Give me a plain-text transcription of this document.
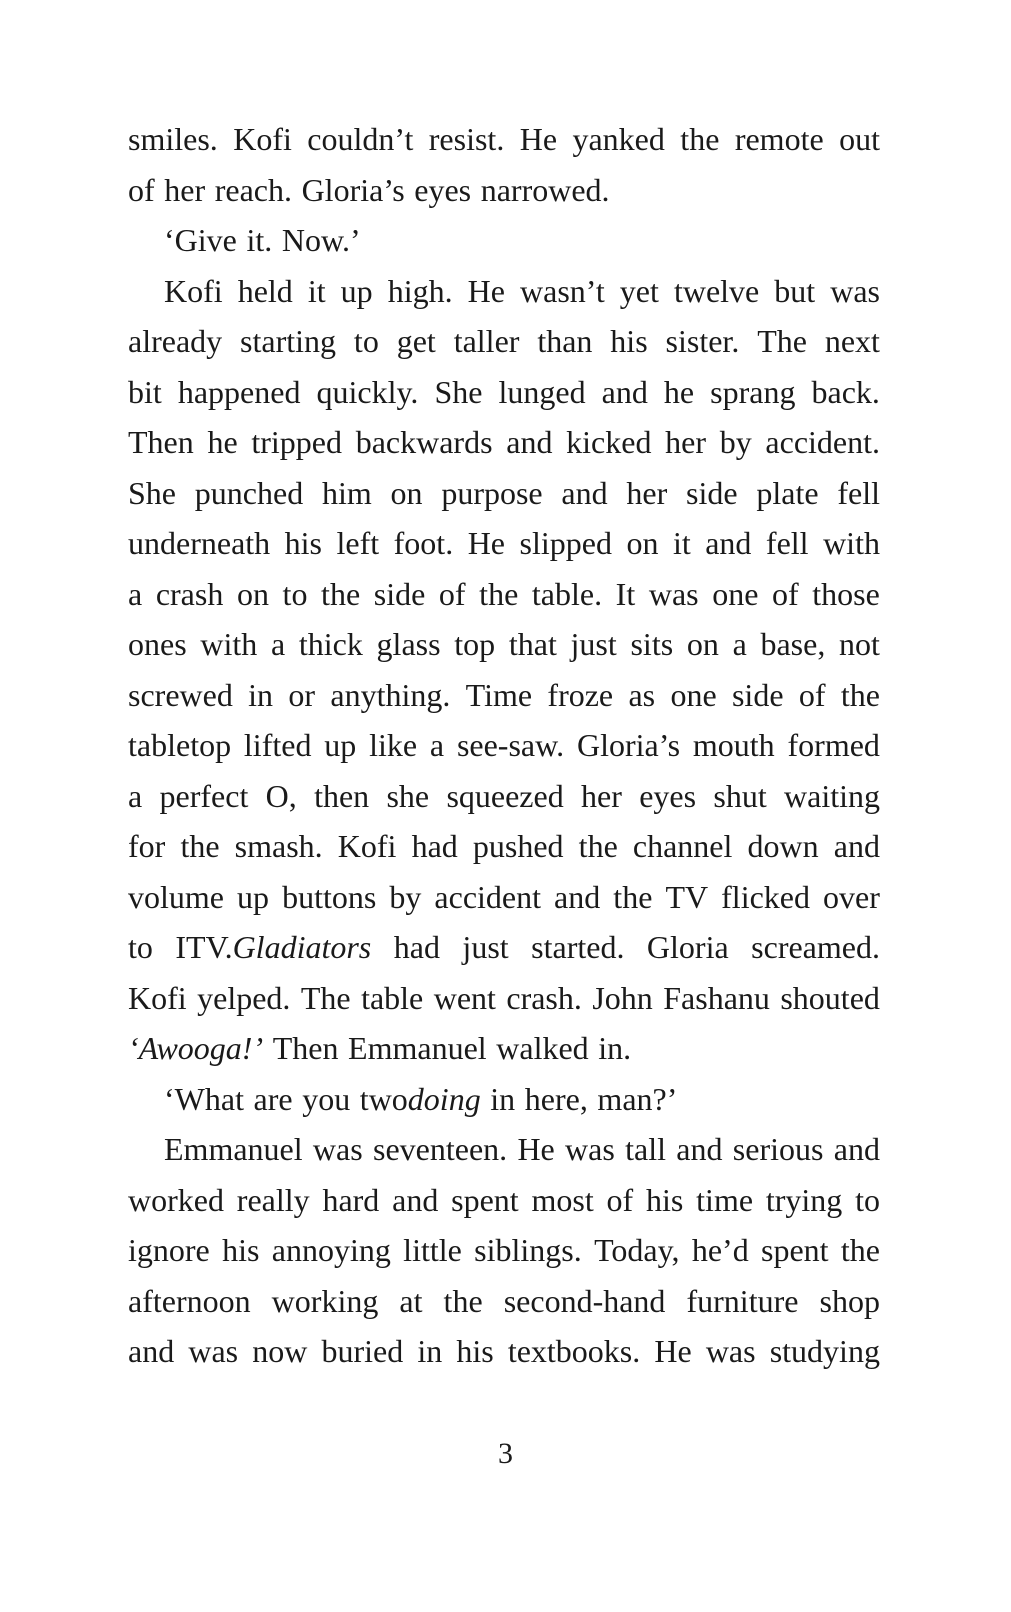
smiles. Kofi couldn’t resist. He yanked the remote out
of her reach. Gloria’s eyes narrowed.
‘Give it. Now.’
Kofi held it up high. He wasn’t yet twelve but was
already starting to get taller than his sister. The next
bit happened quickly. She lunged and he sprang back.
Then he tripped backwards and kicked her by accident.
She punched him on purpose and her side plate fell
underneath his left foot. He slipped on it and fell with
a crash on to the side of the table. It was one of those
ones with a thick glass top that just sits on a base, not
screwed in or anything. Time froze as one side of the
tabletop lifted up like a see-saw. Gloria’s mouth formed
a perfect O, then she squeezed her eyes shut waiting
for the smash. Kofi had pushed the channel down and
volume up buttons by accident and the TV flicked over
to ITV.Gladiators had just started. Gloria screamed.
Kofi yelped. The table went crash. John Fashanu shouted
‘Awooga!’ Then Emmanuel walked in.
‘What are you twodoing in here, man?’
Emmanuel was seventeen. He was tall and serious and
worked really hard and spent most of his time trying to
ignore his annoying little siblings. Today, he’d spent the
afternoon working at the second-hand furniture shop
and was now buried in his textbooks. He was studying
3
